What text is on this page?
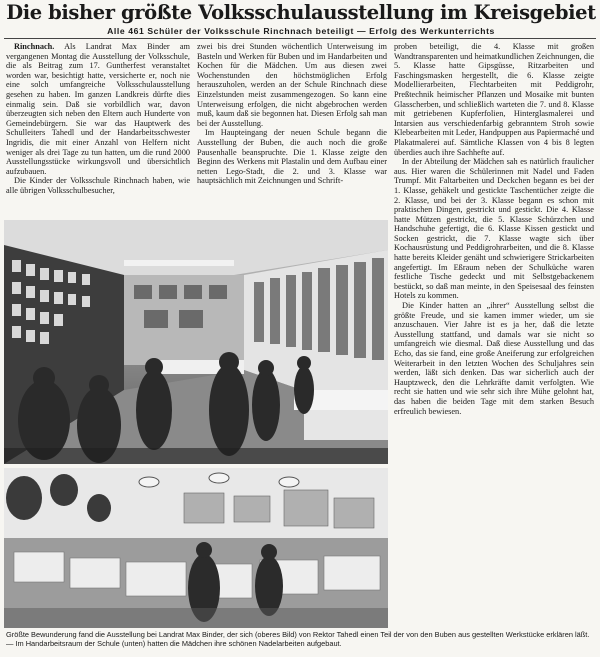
Die bisher größte Volksschulausstellung im Kreisgebiet
Alle 461 Schüler der Volksschule Rinchnach beteiligt — Erfolg des Werkunterrichts

Rinchnach. Als Landrat Max Binder am vergangenen Montag die Ausstellung der Volksschule, die als Beitrag zum 17. Guntherfest veranstaltet worden war, besichtigt hatte, versicherte er, noch nie eine solch umfangreiche Volksschulausstellung gesehen zu haben. Im ganzen Landkreis dürfte dies einmalig sein. Daß sie vorbildlich war, davon überzeugten sich neben den Eltern auch Hunderte von Gemeindebürgern. Sie war das Hauptwerk des Schulleiters Tahedl und der Handarbeitsschwester Ingridis, die mit einer Anzahl von Helfern nicht weniger als drei Tage zu tun hatten, um die rund 2000 Ausstellungsstücke wirkungsvoll und übersichtlich aufzubauen.

Die Kinder der Volksschule Rinchnach haben, wie alle übrigen Volksschulbesucher,

zwei bis drei Stunden wöchentlich Unterweisung im Basteln und Werken für Buben und im Handarbeiten und Kochen für die Mädchen. Um aus diesen zwei Wochenstunden den höchstmöglichen Erfolg herauszuholen, werden an der Schule Rinchnach diese Einzelstunden meist zusammengezogen. So kann eine Unterweisung erfolgen, die nicht abgebrochen werden muß, kaum daß sie begonnen hat. Diesen Erfolg sah man bei der Ausstellung.

Im Haupteingang der neuen Schule begann die Ausstellung der Buben, die auch noch die große Pausenhalle beanspruchte. Die 1. Klasse zeigte den Beginn des Werkens mit Plastalin und dem Aufbau einer netten Lego-Stadt, die 2. und 3. Klasse war hauptsächlich mit Zeichnungen und Schrift-

proben beteiligt, die 4. Klasse mit großen Wandtransparenten und heimatkundlichen Zeichnungen, die 5. Klasse hatte Gipsgüsse, Ritzarbeiten und Faschingsmasken hergestellt, die 6. Klasse zeigte Modellierarbeiten, Flechtarbeiten mit Peddigrohr, Preßtechnik heimischer Pflanzen und Mosaike mit bunten Glasscherben, und schließlich warteten die 7. und 8. Klasse mit getriebenen Kupferfolien, Hinterglasmalerei und Intarsien aus verschiedenfarbig gebranntem Stroh sowie Klebearbeiten mit Leder, Handpuppen aus Papiermaché und Plakatmalerei auf. Sämtliche Klassen von 4 bis 8 legten überdies auch ihre Sachhefte auf.

In der Abteilung der Mädchen sah es natürlich fraulicher aus. Hier waren die Schülerinnen mit Nadel und Faden Trumpf. Mit Faltarbeiten und Deckchen begann es bei der 1. Klasse, gehäkelt und gestickte Taschentücher zeigte die 2. Klasse, und bei der 3. Klasse begann es schon mit praktischen Dingen, gestrickt und gestickt. Die 4. Klasse hatte Mützen gestrickt, die 5. Klasse Schürzchen und Handschuhe gefertigt, die 6. Klasse Kissen gestickt und Socken gestrickt, die 7. Klasse wagte sich über Kochausrüstung und Peddigrohrarbeiten, und die 8. Klasse hatte bereits Kleider genäht und schwierigere Strickarbeiten angefertigt. Im Eßraum neben der Schulküche waren festliche Tische gedeckt und mit Selbstgebackenem bestückt, so daß man meinte, in den Speisesaal des feinsten Hotels zu kommen.

Die Kinder hatten an „ihrer“ Ausstellung selbst die größte Freude, und sie kamen immer wieder, um sie anzuschauen. Vier Jahre ist es ja her, daß die letzte Ausstellung stattfand, und damals war sie nicht so umfangreich wie diesmal. Daß diese Ausstellung und das Echo, das sie fand, eine große Aneiferung zur erfolgreichen Weiterarbeit in den letzten Wochen des Schuljahres sein werden, läßt sich denken. Das war sicherlich auch der Hauptzweck, den die Lehrkräfte damit verfolgten. Wie recht sie hatten und wie sehr sich ihre Mühe gelohnt hat, das haben die beiden Tage mit dem starken Besuch erfreulich bewiesen.

Größte Bewunderung fand die Ausstellung bei Landrat Max Binder, der sich (oberes Bild) von Rektor Tahedl einen Teil der von den Buben aus gestellten Werkstücke erklären läßt. — Im Handarbeitsraum der Schule (unten) hatten die Mädchen ihre schönen Nadelarbeiten aufgebaut.
